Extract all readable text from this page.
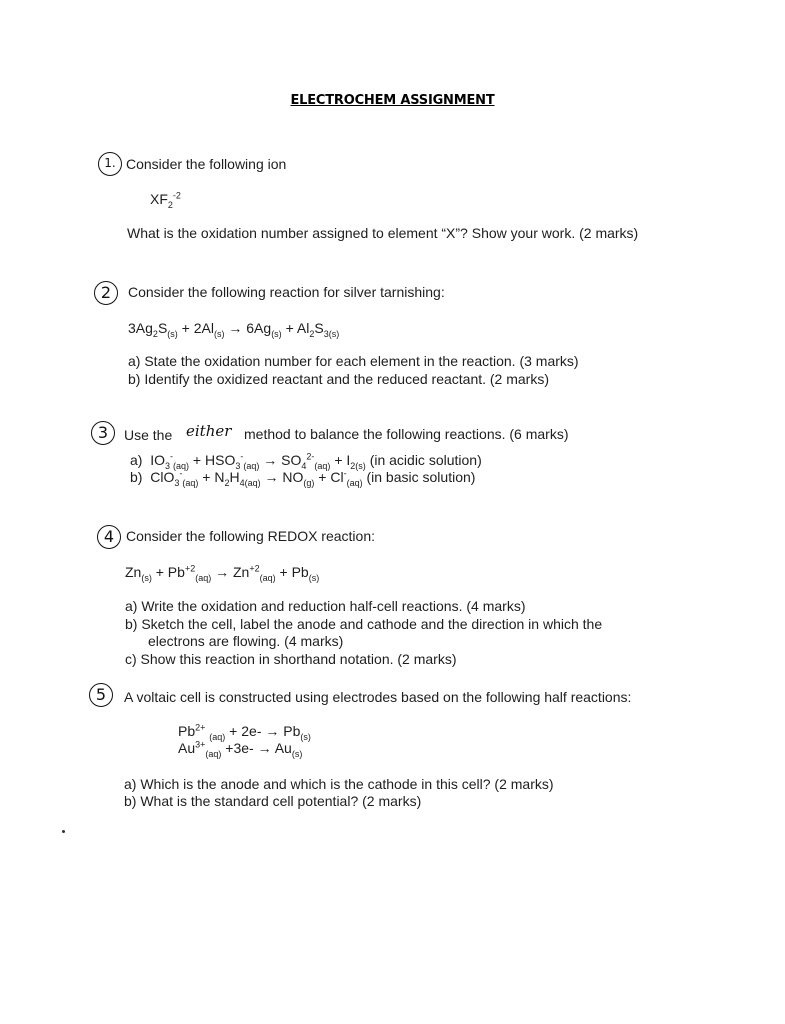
ELECTROCHEM ASSIGNMENT
1. Consider the following ion
$XF_2^{-2}$
What is the oxidation number assigned to element “X”? Show your work. (2 marks)
2	Consider the following reaction for silver tarnishing:
$3Ag_2S_{(s)} + 2Al_{(s)} \to 6Ag_{(s)} + Al_2S_{3(s)}$
a) State the oxidation number for each element in the reaction. (3 marks)
b) Identify the oxidized reactant and the reduced reactant. (2 marks)
3	Use the either method to balance the following reactions. (6 marks)
a)  $IO_3^-_{(aq)} + HSO_3^-_{(aq)} \to SO_4^{2-}_{(aq)} + I_{2(s)}$ (in acidic solution)
b)  $ClO_3^-_{(aq)} + N_2H_{4(aq)} \to NO_{(g)} + Cl^-_{(aq)}$ (in basic solution)
4 Consider the following REDOX reaction:
$Zn_{(s)} + Pb^{+2}_{(aq)} \to Zn^{+2}_{(aq)} + Pb_{(s)}$
a) Write the oxidation and reduction half-cell reactions. (4 marks)
b) Sketch the cell, label the anode and cathode and the direction in which the
electrons are flowing. (4 marks)
c) Show this reaction in shorthand notation. (2 marks)
5	A voltaic cell is constructed using electrodes based on the following half reactions:
$Pb^{2+}$ $_{(aq)} + 2e- \to Pb_{(s)}$
$Au^{3+}_{(aq)} +3e- \to Au_{(s)}$
a) Which is the anode and which is the cathode in this cell? (2 marks)
b) What is the standard cell potential? (2 marks)
